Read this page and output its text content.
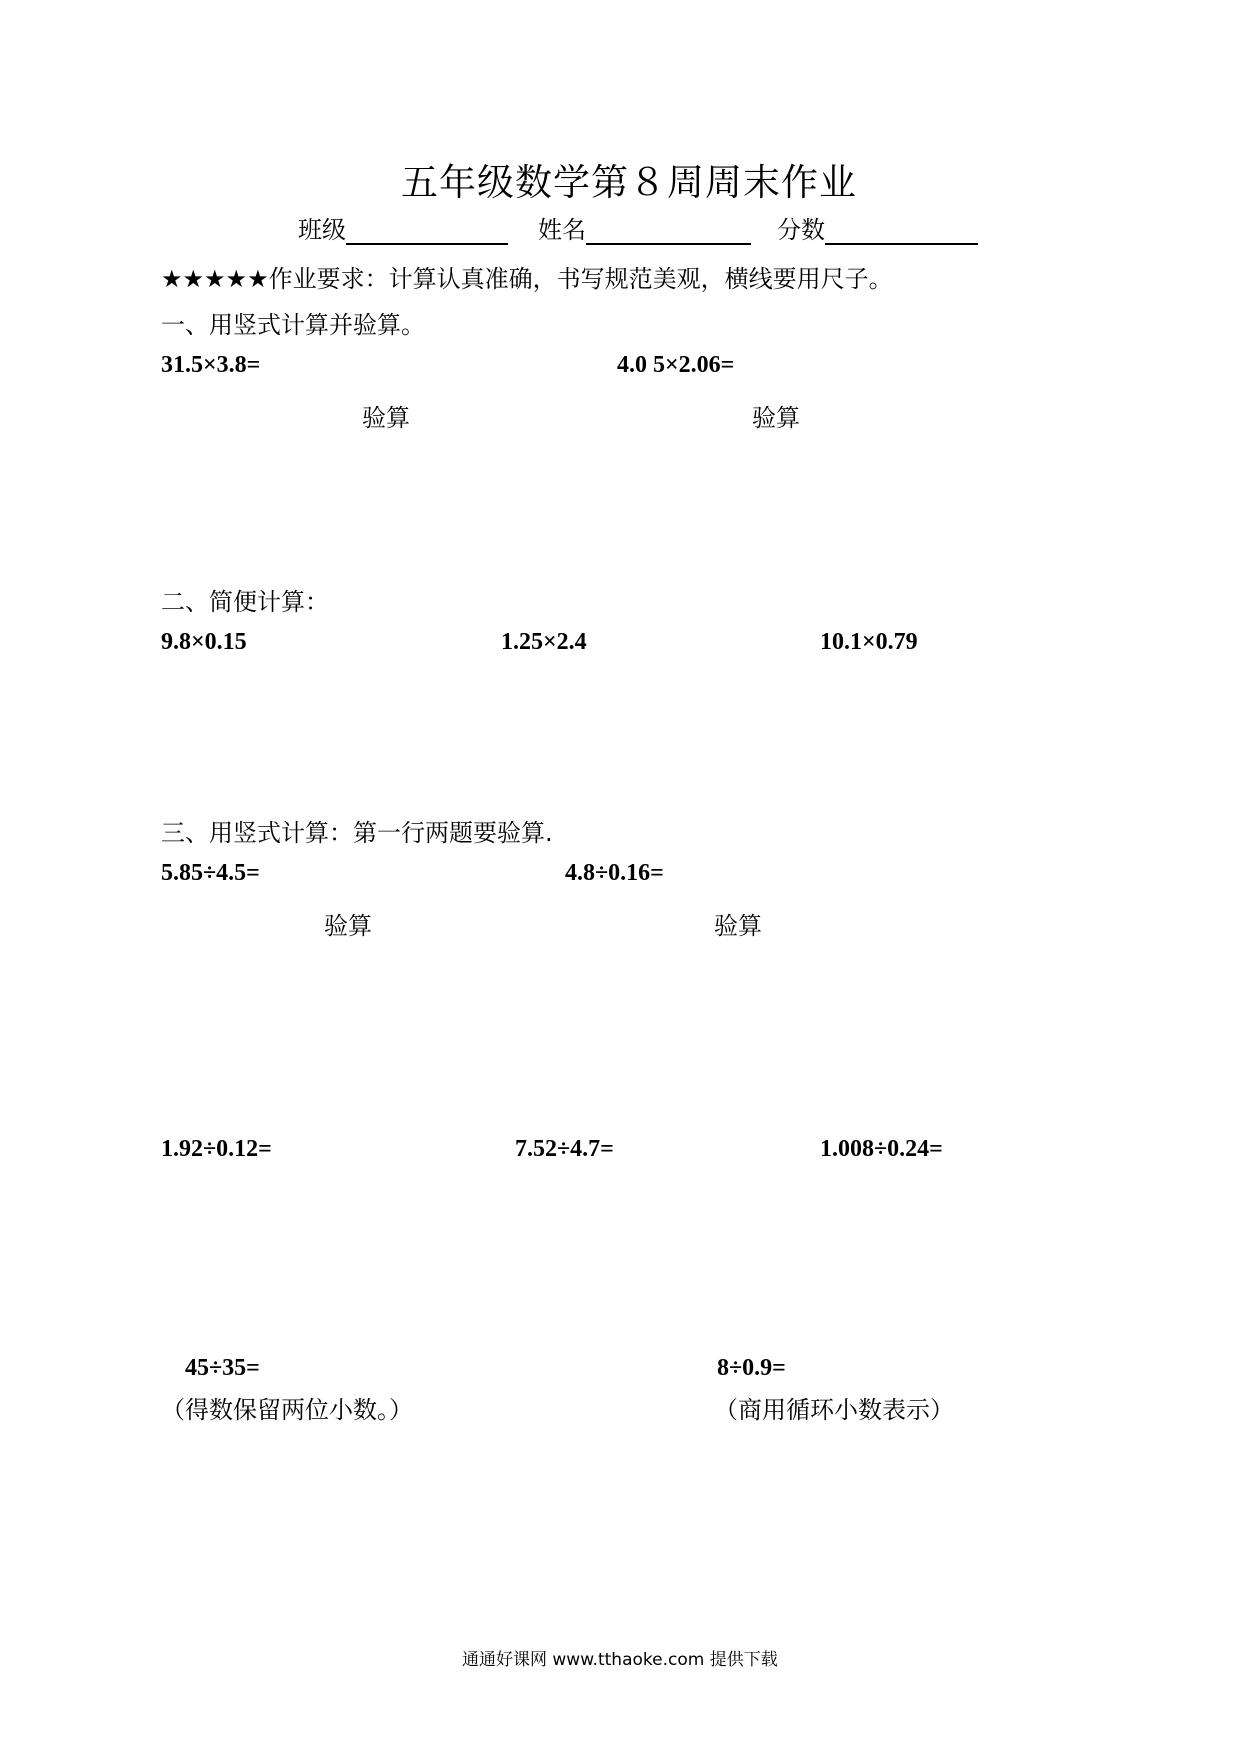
五年级数学第８周周末作业
班级	姓名	分数
★★★★★作业要求：计算认真准确，书写规范美观，横线要用尺子。
一、用竖式计算并验算。
31.5×3.8=	4.0 5×2.06=
验算	验算
二、简便计算：
9.8×0.15	1.25×2.4	10.1×0.79
三、用竖式计算：第一行两题要验算.
5.85÷4.5=	4.8÷0.16=
验算	验算
1.92÷0.12=	7.52÷4.7=	1.008÷0.24=
45÷35=	8÷0.9=
（得数保留两位小数。）	（商用循环小数表示）
通通好课网 www.tthaoke.com 提供下载
